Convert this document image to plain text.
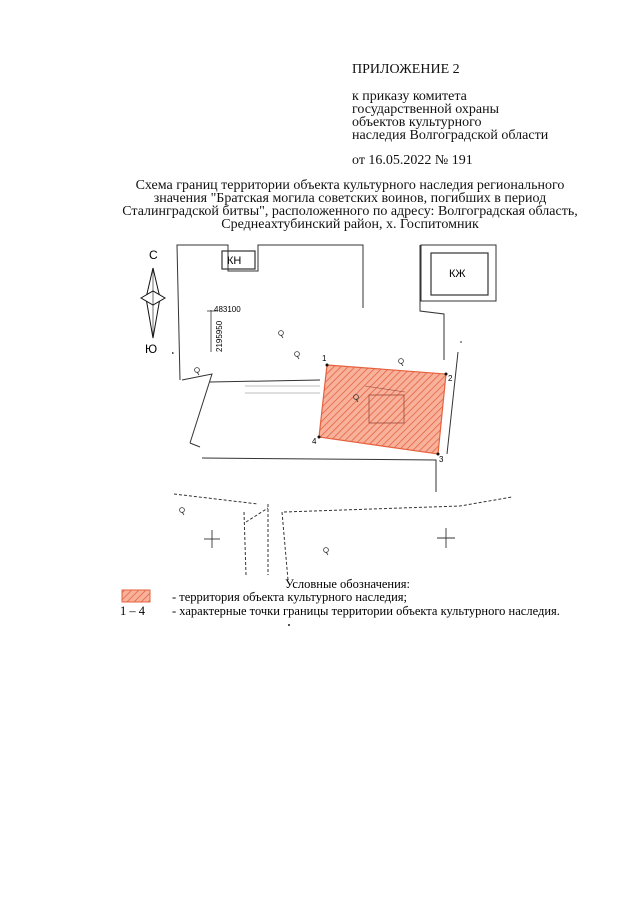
ПРИЛОЖЕНИЕ 2
к приказу комитета
государственной охраны
объектов культурного
наследия Волгоградской области
от 16.05.2022 № 191
Схема границ территории объекта культурного наследия регионального
значения "Братская могила советских воинов, погибших в период
Сталинградской битвы", расположенного по адресу: Волгоградская область,
Среднеахтубинский район, х. Госпитомник
С
Ю
483100
2195950
КН
КЖ
1
2
3
4
Условные обозначения:
- территория объекта культурного наследия;
1 – 4 - характерные точки границы территории объекта культурного наследия.
